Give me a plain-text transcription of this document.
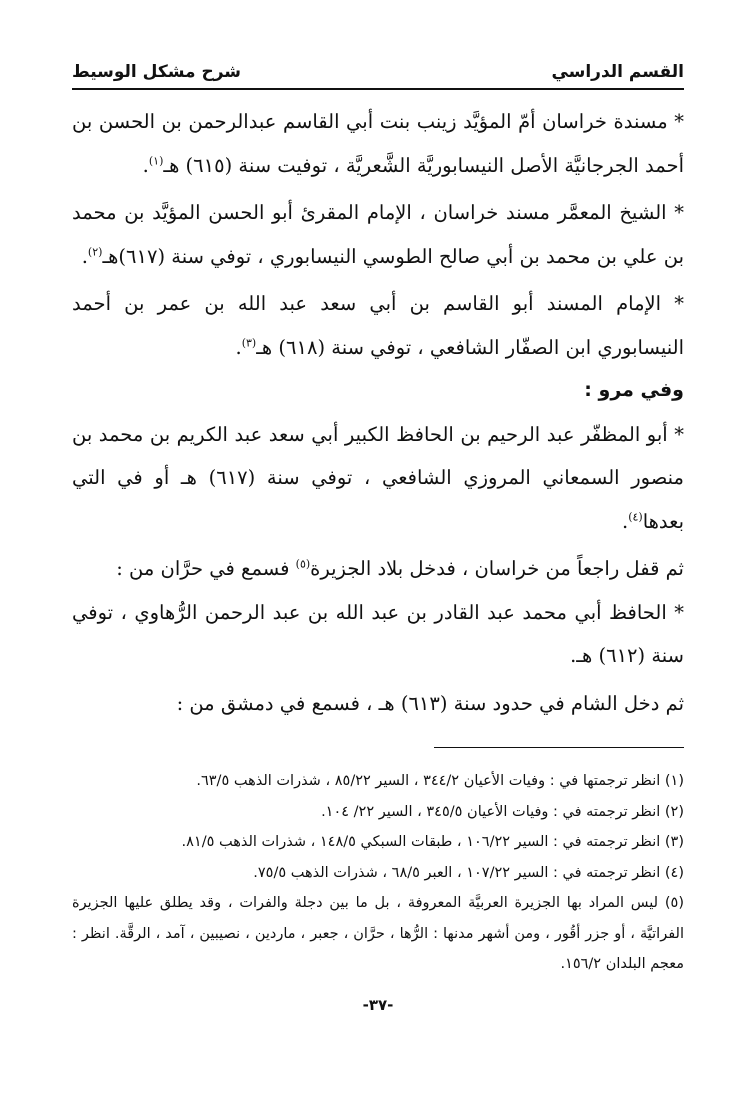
القسم الدراسي
شرح مشكل الوسيط

* مسندة خراسان أمّ المؤيَّد زينب بنت أبي القاسم عبدالرحمن بن الحسن بن أحمد الجرجانيَّة الأصل النيسابوريَّة الشَّعريَّة ، توفيت سنة (٦١٥) هـ$^{(١)}$.

* الشيخ المعمَّر مسند خراسان ، الإمام المقرئ أبو الحسن المؤيَّد بن محمد بن علي بن محمد بن أبي صالح الطوسي النيسابوري ، توفي سنة (٦١٧)هـ$^{(٢)}$.

* الإمام المسند أبو القاسم بن أبي سعد عبد الله بن عمر بن أحمد النيسابوري ابن الصفّار الشافعي ، توفي سنة (٦١٨) هـ$^{(٣)}$.

وفي مرو :

* أبو المظفّر عبد الرحيم بن الحافظ الكبير أبي سعد عبد الكريم بن محمد بن منصور السمعاني المروزي الشافعي ، توفي سنة (٦١٧) هـ أو في التي بعدها$^{(٤)}$.

ثم قفل راجعاً من خراسان ، فدخل بلاد الجزيرة$^{(٥)}$ فسمع في حرَّان من :

* الحافظ أبي محمد عبد القادر بن عبد الله بن عبد الرحمن الرُّهاوي ، توفي سنة (٦١٢) هـ.

ثم دخل الشام في حدود سنة (٦١٣) هـ ، فسمع في دمشق من :

(١) انظر ترجمتها في : وفيات الأعيان ٣٤٤/٢ ، السير ٨٥/٢٢ ، شذرات الذهب ٦٣/٥.

(٢) انظر ترجمته في : وفيات الأعيان ٣٤٥/٥ ، السير ٢٢/ ١٠٤.

(٣) انظر ترجمته في : السير ١٠٦/٢٢ ، طبقات السبكي ١٤٨/٥ ، شذرات الذهب ٨١/٥.

(٤) انظر ترجمته في : السير ١٠٧/٢٢ ، العبر ٦٨/٥ ، شذرات الذهب ٧٥/٥.

(٥) ليس المراد بها الجزيرة العربيَّة المعروفة ، بل ما بين دجلة والفرات ، وقد يطلق عليها الجزيرة الفراتيَّة ، أو جزر أقُور ، ومن أشهر مدنها : الرُّها ، حرَّان ، جعبر ، ماردين ، نصيبين ، آمد ، الرقَّة. انظر : معجم البلدان ١٥٦/٢.

-٣٧-
